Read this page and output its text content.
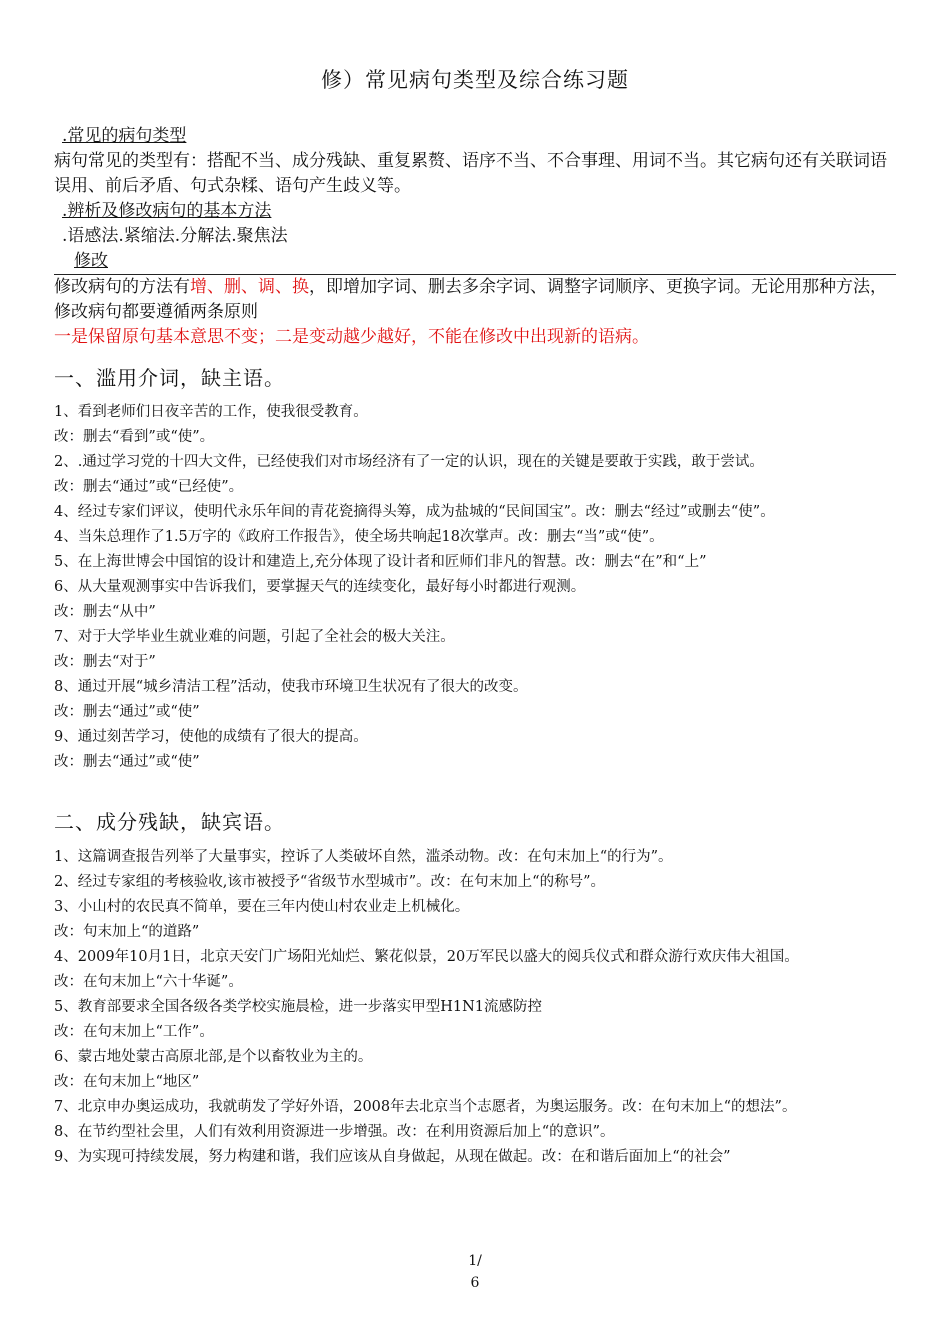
修）常见病句类型及综合练习题
.常见的病句类型
病句常见的类型有：搭配不当、成分残缺、重复累赘、语序不当、不合事理、用词不当。其它病句还有关联词语误用、前后矛盾、句式杂糅、语句产生歧义等。
.辨析及修改病句的基本方法
.语感法.紧缩法.分解法.聚焦法
修改
修改病句的方法有增、删、调、换，即增加字词、删去多余字词、调整字词顺序、更换字词。无论用那种方法，修改病句都要遵循两条原则
一是保留原句基本意思不变；二是变动越少越好，不能在修改中出现新的语病。
一、滥用介词，缺主语。
1、看到老师们日夜辛苦的工作，使我很受教育。
改：删去“看到”或“使”。
2、.通过学习党的十四大文件，已经使我们对市场经济有了一定的认识，现在的关键是要敢于实践，敢于尝试。
改：删去“通过”或“已经使”。
4、经过专家们评议，使明代永乐年间的青花瓷摘得头筹，成为盐城的“民间国宝”。改：删去“经过”或删去“使”。
4、当朱总理作了1.5万字的《政府工作报告》，使全场共响起18次掌声。改：删去“当”或“使”。
5、在上海世博会中国馆的设计和建造上,充分体现了设计者和匠师们非凡的智慧。改：删去“在”和“上”
6、从大量观测事实中告诉我们，要掌握天气的连续变化，最好每小时都进行观测。
改：删去“从中”
7、对于大学毕业生就业难的问题，引起了全社会的极大关注。
改：删去“对于”
8、通过开展“城乡清洁工程”活动，使我市环境卫生状况有了很大的改变。
改：删去“通过”或“使”
9、通过刻苦学习，使他的成绩有了很大的提高。
改：删去“通过”或“使”
二、成分残缺，缺宾语。
1、这篇调查报告列举了大量事实，控诉了人类破坏自然，滥杀动物。改：在句末加上“的行为”。
2、经过专家组的考核验收,该市被授予“省级节水型城市”。改：在句末加上“的称号”。
3、小山村的农民真不简单，要在三年内使山村农业走上机械化。
改：句末加上“的道路”
4、2009年10月1日，北京天安门广场阳光灿烂、繁花似景，20万军民以盛大的阅兵仪式和群众游行欢庆伟大祖国。
改：在句末加上“六十华诞”。
5、教育部要求全国各级各类学校实施晨检，进一步落实甲型H1N1流感防控
改：在句末加上“工作”。
6、蒙古地处蒙古高原北部,是个以畜牧业为主的。
改：在句末加上“地区”
7、北京申办奥运成功，我就萌发了学好外语，2008年去北京当个志愿者，为奥运服务。改：在句末加上“的想法”。
8、在节约型社会里，人们有效利用资源进一步增强。改：在利用资源后加上“的意识”。
9、为实现可持续发展，努力构建和谐，我们应该从自身做起，从现在做起。改：在和谐后面加上“的社会”
1/
6
